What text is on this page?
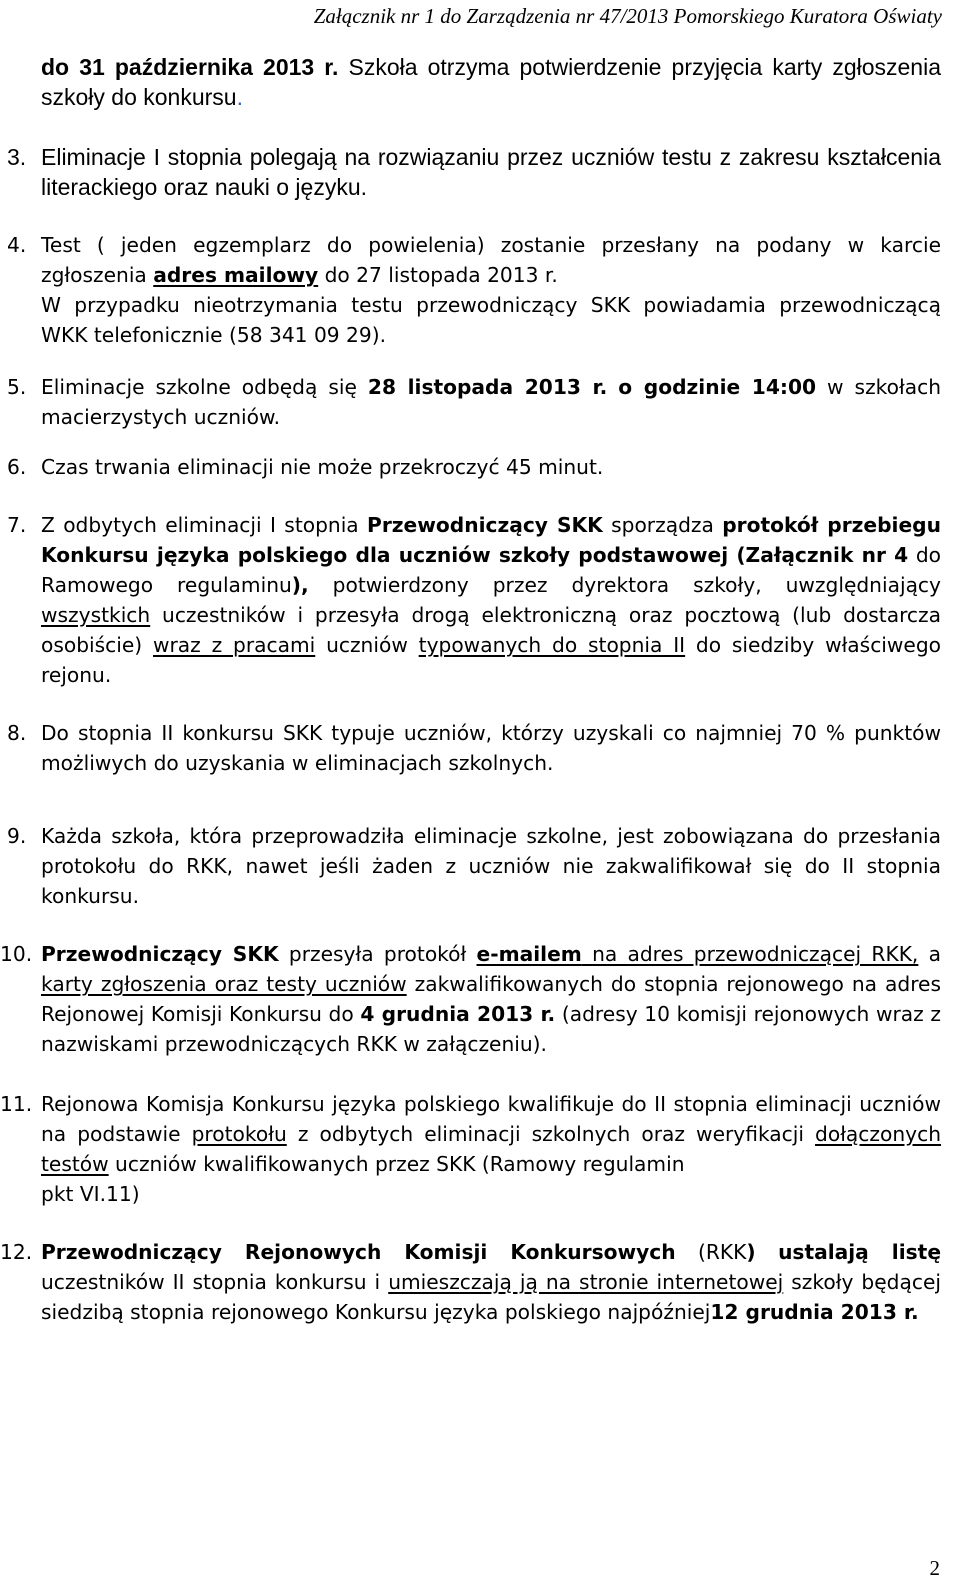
Załącznik nr 1 do Zarządzenia nr 47/2013 Pomorskiego Kuratora Oświaty
do 31 października 2013 r. Szkoła otrzyma potwierdzenie przyjęcia karty zgłoszenia szkoły do konkursu.
3. Eliminacje I stopnia polegają na rozwiązaniu przez uczniów testu z zakresu kształcenia literackiego oraz nauki o języku.
4. Test ( jeden egzemplarz do powielenia) zostanie przesłany na podany w karcie zgłoszenia adres mailowy do 27 listopada 2013 r.
W przypadku nieotrzymania testu przewodniczący SKK powiadamia przewodniczącą WKK telefonicznie (58 341 09 29).
5. Eliminacje szkolne odbędą się 28 listopada 2013 r. o godzinie 14:00 w szkołach macierzystych uczniów.
6. Czas trwania eliminacji nie może przekroczyć 45 minut.
7. Z odbytych eliminacji I stopnia Przewodniczący SKK sporządza protokół przebiegu Konkursu języka polskiego dla uczniów szkoły podstawowej (Załącznik nr 4 do Ramowego regulaminu), potwierdzony przez dyrektora szkoły, uwzględniający wszystkich uczestników i przesyła drogą elektroniczną oraz pocztową (lub dostarcza osobiście) wraz z pracami uczniów typowanych do stopnia II do siedziby właściwego rejonu.
8. Do stopnia II konkursu SKK typuje uczniów, którzy uzyskali co najmniej 70 % punktów możliwych do uzyskania w eliminacjach szkolnych.
9. Każda szkoła, która przeprowadziła eliminacje szkolne, jest zobowiązana do przesłania protokołu do RKK, nawet jeśli żaden z uczniów nie zakwalifikował się do II stopnia konkursu.
10. Przewodniczący SKK przesyła protokół e-mailem na adres przewodniczącej RKK, a karty zgłoszenia oraz testy uczniów zakwalifikowanych do stopnia rejonowego na adres Rejonowej Komisji Konkursu do 4 grudnia 2013 r. (adresy 10 komisji rejonowych wraz z nazwiskami przewodniczących RKK w załączeniu).
11. Rejonowa Komisja Konkursu języka polskiego kwalifikuje do II stopnia eliminacji uczniów na podstawie protokołu z odbytych eliminacji szkolnych oraz weryfikacji dołączonych testów uczniów kwalifikowanych przez SKK (Ramowy regulamin
pkt VI.11)
12. Przewodniczący Rejonowych Komisji Konkursowych (RKK) ustalają listę uczestników II stopnia konkursu i umieszczają ją na stronie internetowej szkoły będącej siedzibą stopnia rejonowego Konkursu języka polskiego najpóźniej12 grudnia 2013 r.
2
